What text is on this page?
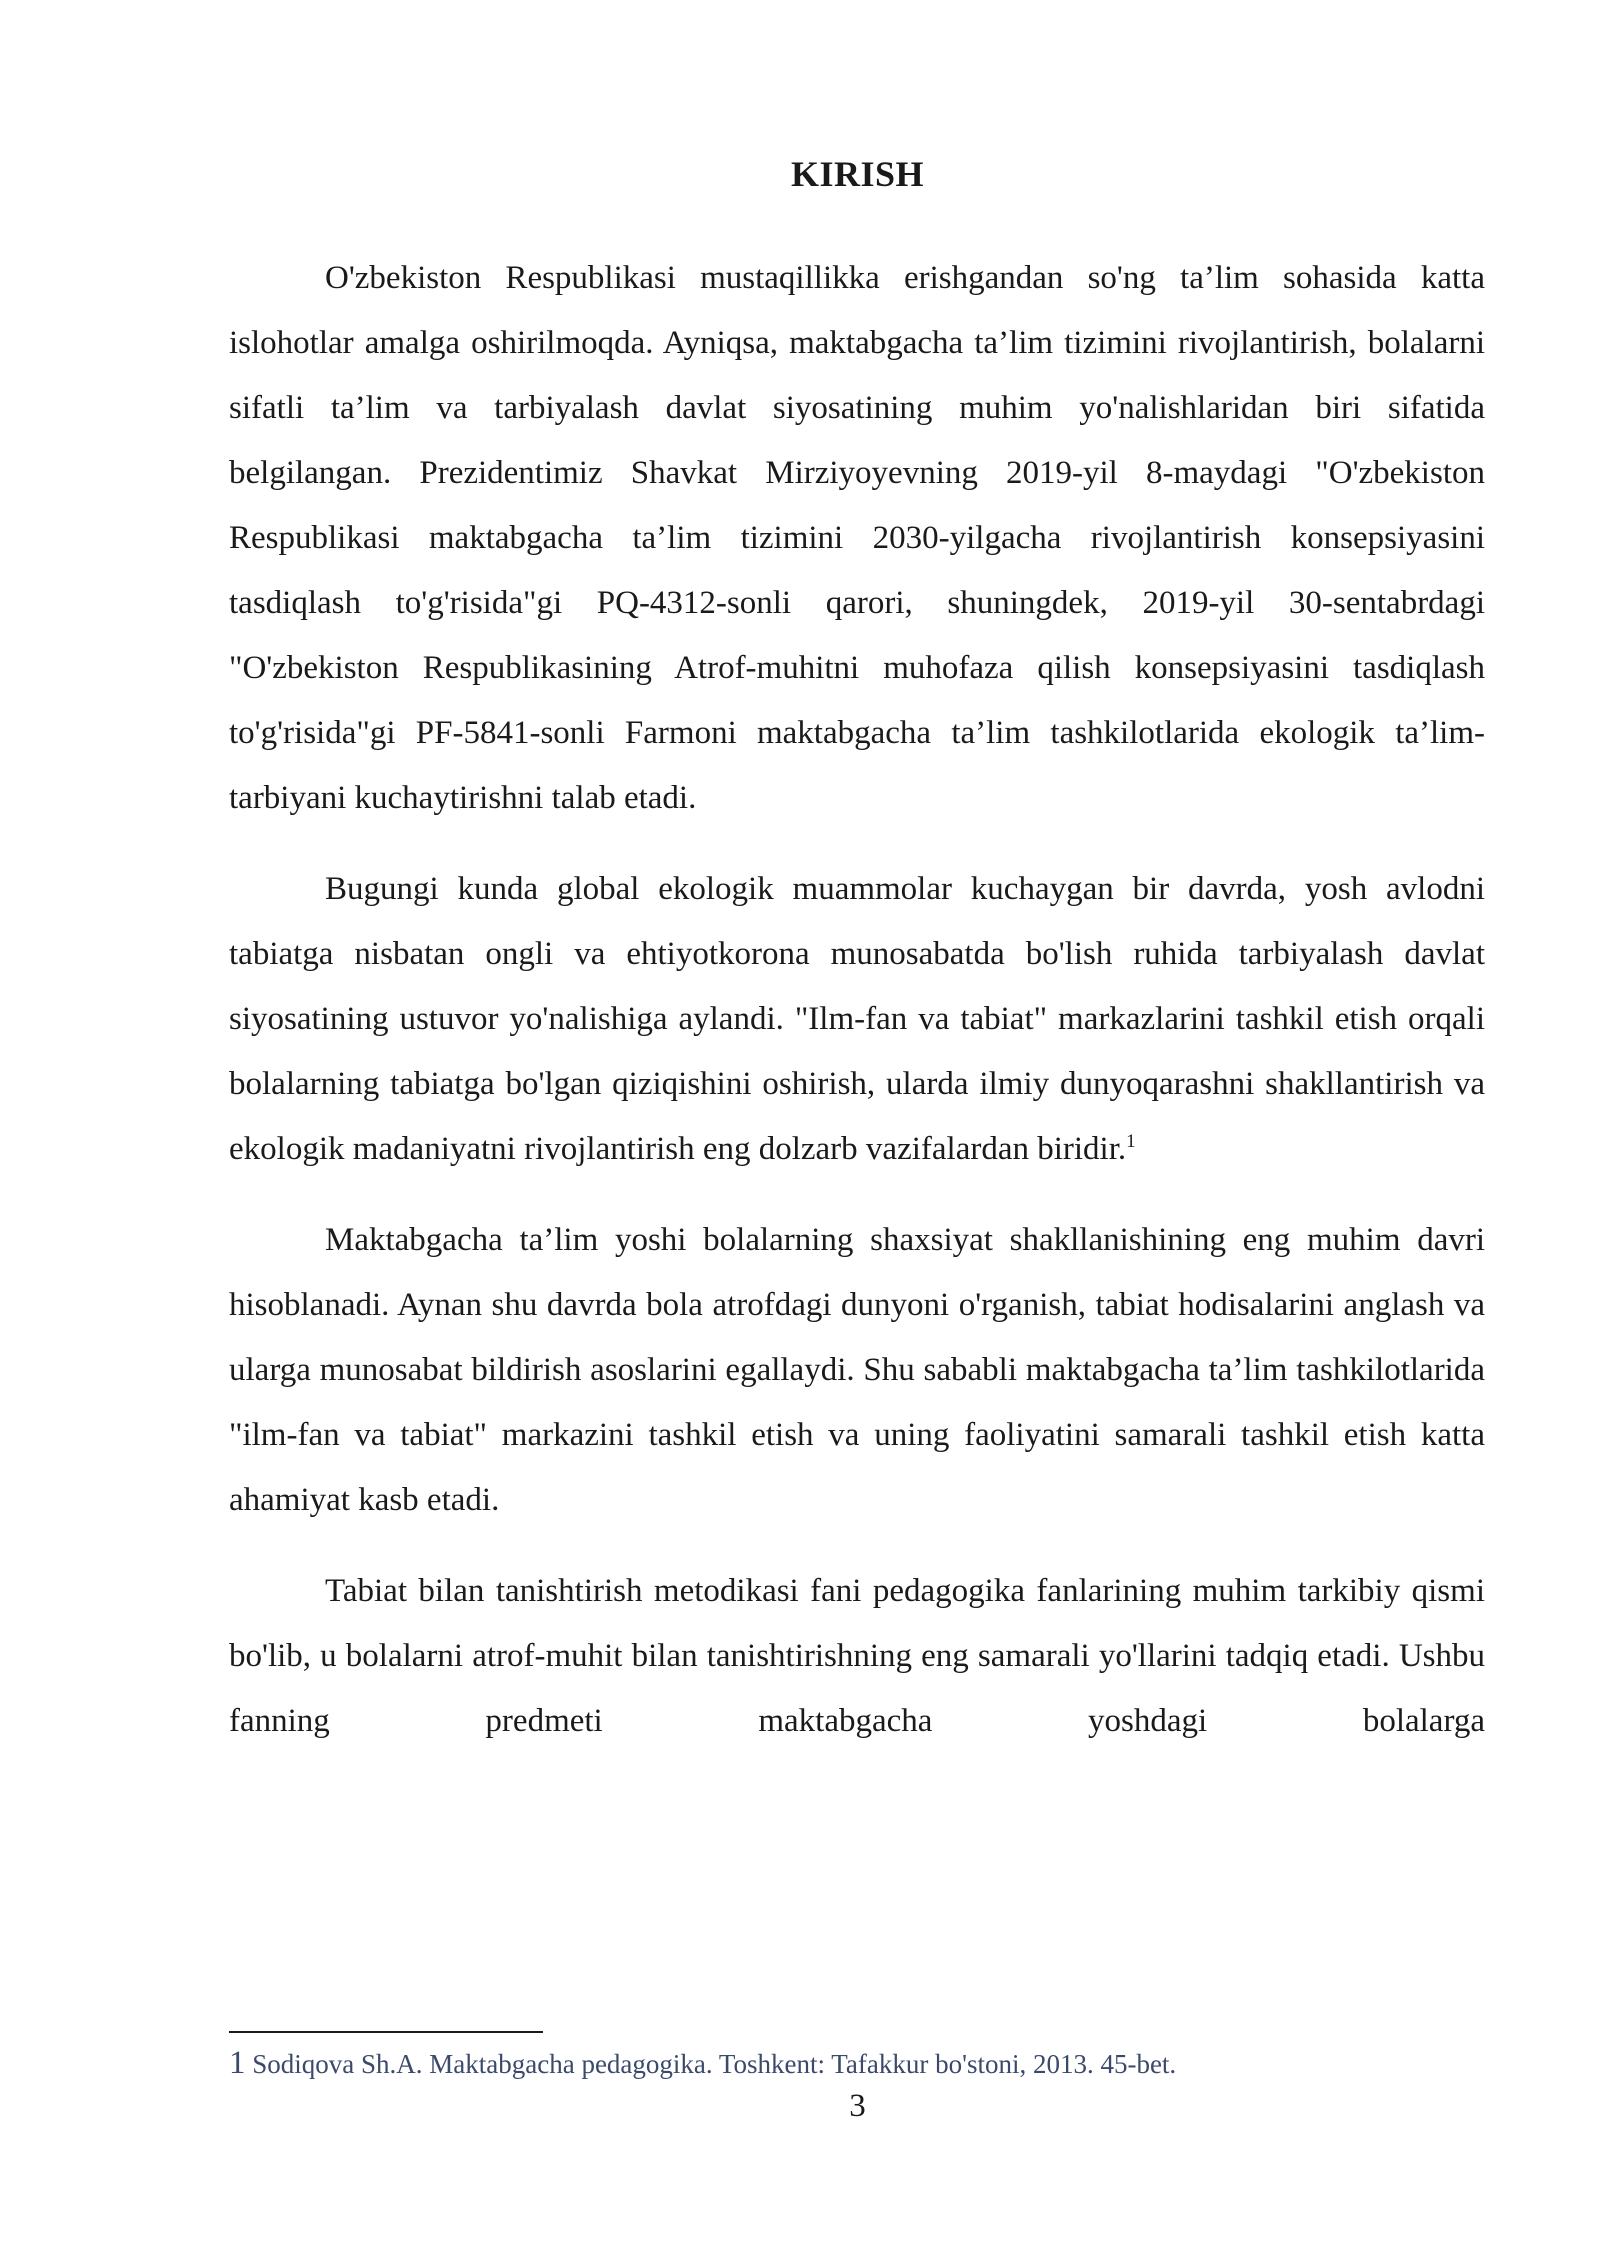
KIRISH

O'zbekiston Respublikasi mustaqillikka erishgandan so'ng ta’lim sohasida katta islohotlar amalga oshirilmoqda. Ayniqsa, maktabgacha ta’lim tizimini rivojlantirish, bolalarni sifatli ta’lim va tarbiyalash davlat siyosatining muhim yo'nalishlaridan biri sifatida belgilangan. Prezidentimiz Shavkat Mirziyoyevning 2019-yil 8-maydagi "O'zbekiston Respublikasi maktabgacha ta’lim tizimini 2030-yilgacha rivojlantirish konsepsiyasini tasdiqlash to'g'risida"gi PQ-4312-sonli qarori, shuningdek, 2019-yil 30-sentabrdagi "O'zbekiston Respublikasining Atrof-muhitni muhofaza qilish konsepsiyasini tasdiqlash to'g'risida"gi PF-5841-sonli Farmoni maktabgacha ta’lim tashkilotlarida ekologik ta’lim-tarbiyani kuchaytirishni talab etadi.

Bugungi kunda global ekologik muammolar kuchaygan bir davrda, yosh avlodni tabiatga nisbatan ongli va ehtiyotkorona munosabatda bo'lish ruhida tarbiyalash davlat siyosatining ustuvor yo'nalishiga aylandi. "Ilm-fan va tabiat" markazlarini tashkil etish orqali bolalarning tabiatga bo'lgan qiziqishini oshirish, ularda ilmiy dunyoqarashni shakllantirish va ekologik madaniyatni rivojlantirish eng dolzarb vazifalardan biridir.$^1$

Maktabgacha ta’lim yoshi bolalarning shaxsiyat shakllanishining eng muhim davri hisoblanadi. Aynan shu davrda bola atrofdagi dunyoni o'rganish, tabiat hodisalarini anglash va ularga munosabat bildirish asoslarini egallaydi. Shu sababli maktabgacha ta’lim tashkilotlarida "ilm-fan va tabiat" markazini tashkil etish va uning faoliyatini samarali tashkil etish katta ahamiyat kasb etadi.

Tabiat bilan tanishtirish metodikasi fani pedagogika fanlarining muhim tarkibiy qismi bo'lib, u bolalarni atrof-muhit bilan tanishtirishning eng samarali yo'llarini tadqiq etadi. Ushbu fanning predmeti maktabgacha yoshdagi bolalarga

1 Sodiqova Sh.A. Maktabgacha pedagogika. Toshkent: Tafakkur bo'stoni, 2013. 45-bet.
3
